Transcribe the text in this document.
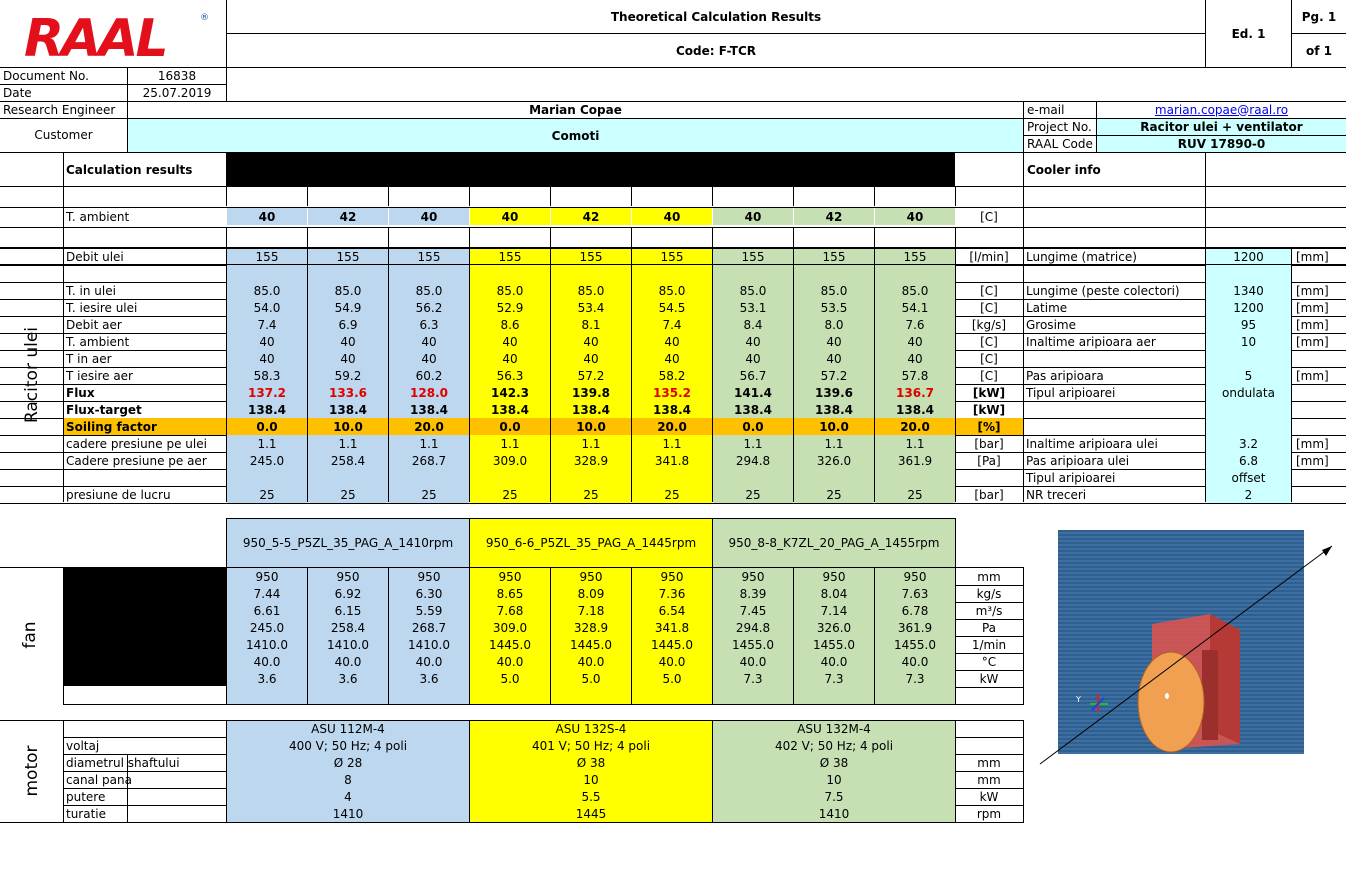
RAAL	®	Theoretical Calculation Results
Code: F-TCR
Ed. 1
Pg. 1
of 1
Document No.	16838
Date	25.07.2019
Research Engineer	Marian Copae
Customer	Comoti
e-mail	marian.copae@raal.ro
Project No.	Racitor ulei + ventilator
RAAL Code	RUV 17890-0
Calculation results	Cooler info
T. ambient	40	42	40	40	42	40	40	42	40	[C]
Debit ulei	155	155	155	155	155	155	155	155	155	[l/min]	Lungime (matrice)	1200	[mm]
T. in ulei	85.0	85.0	85.0	85.0	85.0	85.0	85.0	85.0	85.0	[C]	Lungime (peste colectori)	1340	[mm]
T. iesire ulei	54.0	54.9	56.2	52.9	53.4	54.5	53.1	53.5	54.1	[C]	Latime	1200	[mm]
Debit aer	7.4	6.9	6.3	8.6	8.1	7.4	8.4	8.0	7.6	[kg/s]	Grosime	95	[mm]
T. ambient	40	40	40	40	40	40	40	40	40	[C]	Inaltime aripioara aer	10	[mm]
T in aer	40	40	40	40	40	40	40	40	40	[C]
T iesire aer	58.3	59.2	60.2	56.3	57.2	58.2	56.7	57.2	57.8	[C]	Pas aripioara	5	[mm]
Flux	137.2	133.6	128.0	142.3	139.8	135.2	141.4	139.6	136.7	[kW]	Tipul aripioarei	ondulata
Flux-target	138.4	138.4	138.4	138.4	138.4	138.4	138.4	138.4	138.4	[kW]
Soiling factor	0.0	10.0	20.0	0.0	10.0	20.0	0.0	10.0	20.0	[%]
cadere presiune pe ulei	1.1	1.1	1.1	1.1	1.1	1.1	1.1	1.1	1.1	[bar]	Inaltime aripioara ulei	3.2	[mm]
Cadere presiune pe aer	245.0	258.4	268.7	309.0	328.9	341.8	294.8	326.0	361.9	[Pa]	Pas aripioara ulei	6.8	[mm]
Tipul aripioarei	offset
presiune de lucru	25	25	25	25	25	25	25	25	25	[bar]	NR treceri	2
Racitor ulei
950_5-5_P5ZL_35_PAG_A_1410rpm	950_6-6_P5ZL_35_PAG_A_1445rpm	950_8-8_K7ZL_20_PAG_A_1455rpm
950	950	950	950	950	950	950	950	950	mm
7.44	6.92	6.30	8.65	8.09	7.36	8.39	8.04	7.63	kg/s
6.61	6.15	5.59	7.68	7.18	6.54	7.45	7.14	6.78	m³/s
245.0	258.4	268.7	309.0	328.9	341.8	294.8	326.0	361.9	Pa
1410.0	1410.0	1410.0	1445.0	1445.0	1445.0	1455.0	1455.0	1455.0	1/min
40.0	40.0	40.0	40.0	40.0	40.0	40.0	40.0	40.0	°C
3.6	3.6	3.6	5.0	5.0	5.0	7.3	7.3	7.3	kW
fan
ASU 112M-4	ASU 132S-4	ASU 132M-4
voltaj	400 V; 50 Hz; 4 poli	401 V; 50 Hz; 4 poli	402 V; 50 Hz; 4 poli
diametrul shaftului	Ø 28	Ø 38	Ø 38	mm
canal pana	8	10	10	mm
putere	4	5.5	7.5	kW
turatie	1410	1445	1410	rpm
motor
Y
